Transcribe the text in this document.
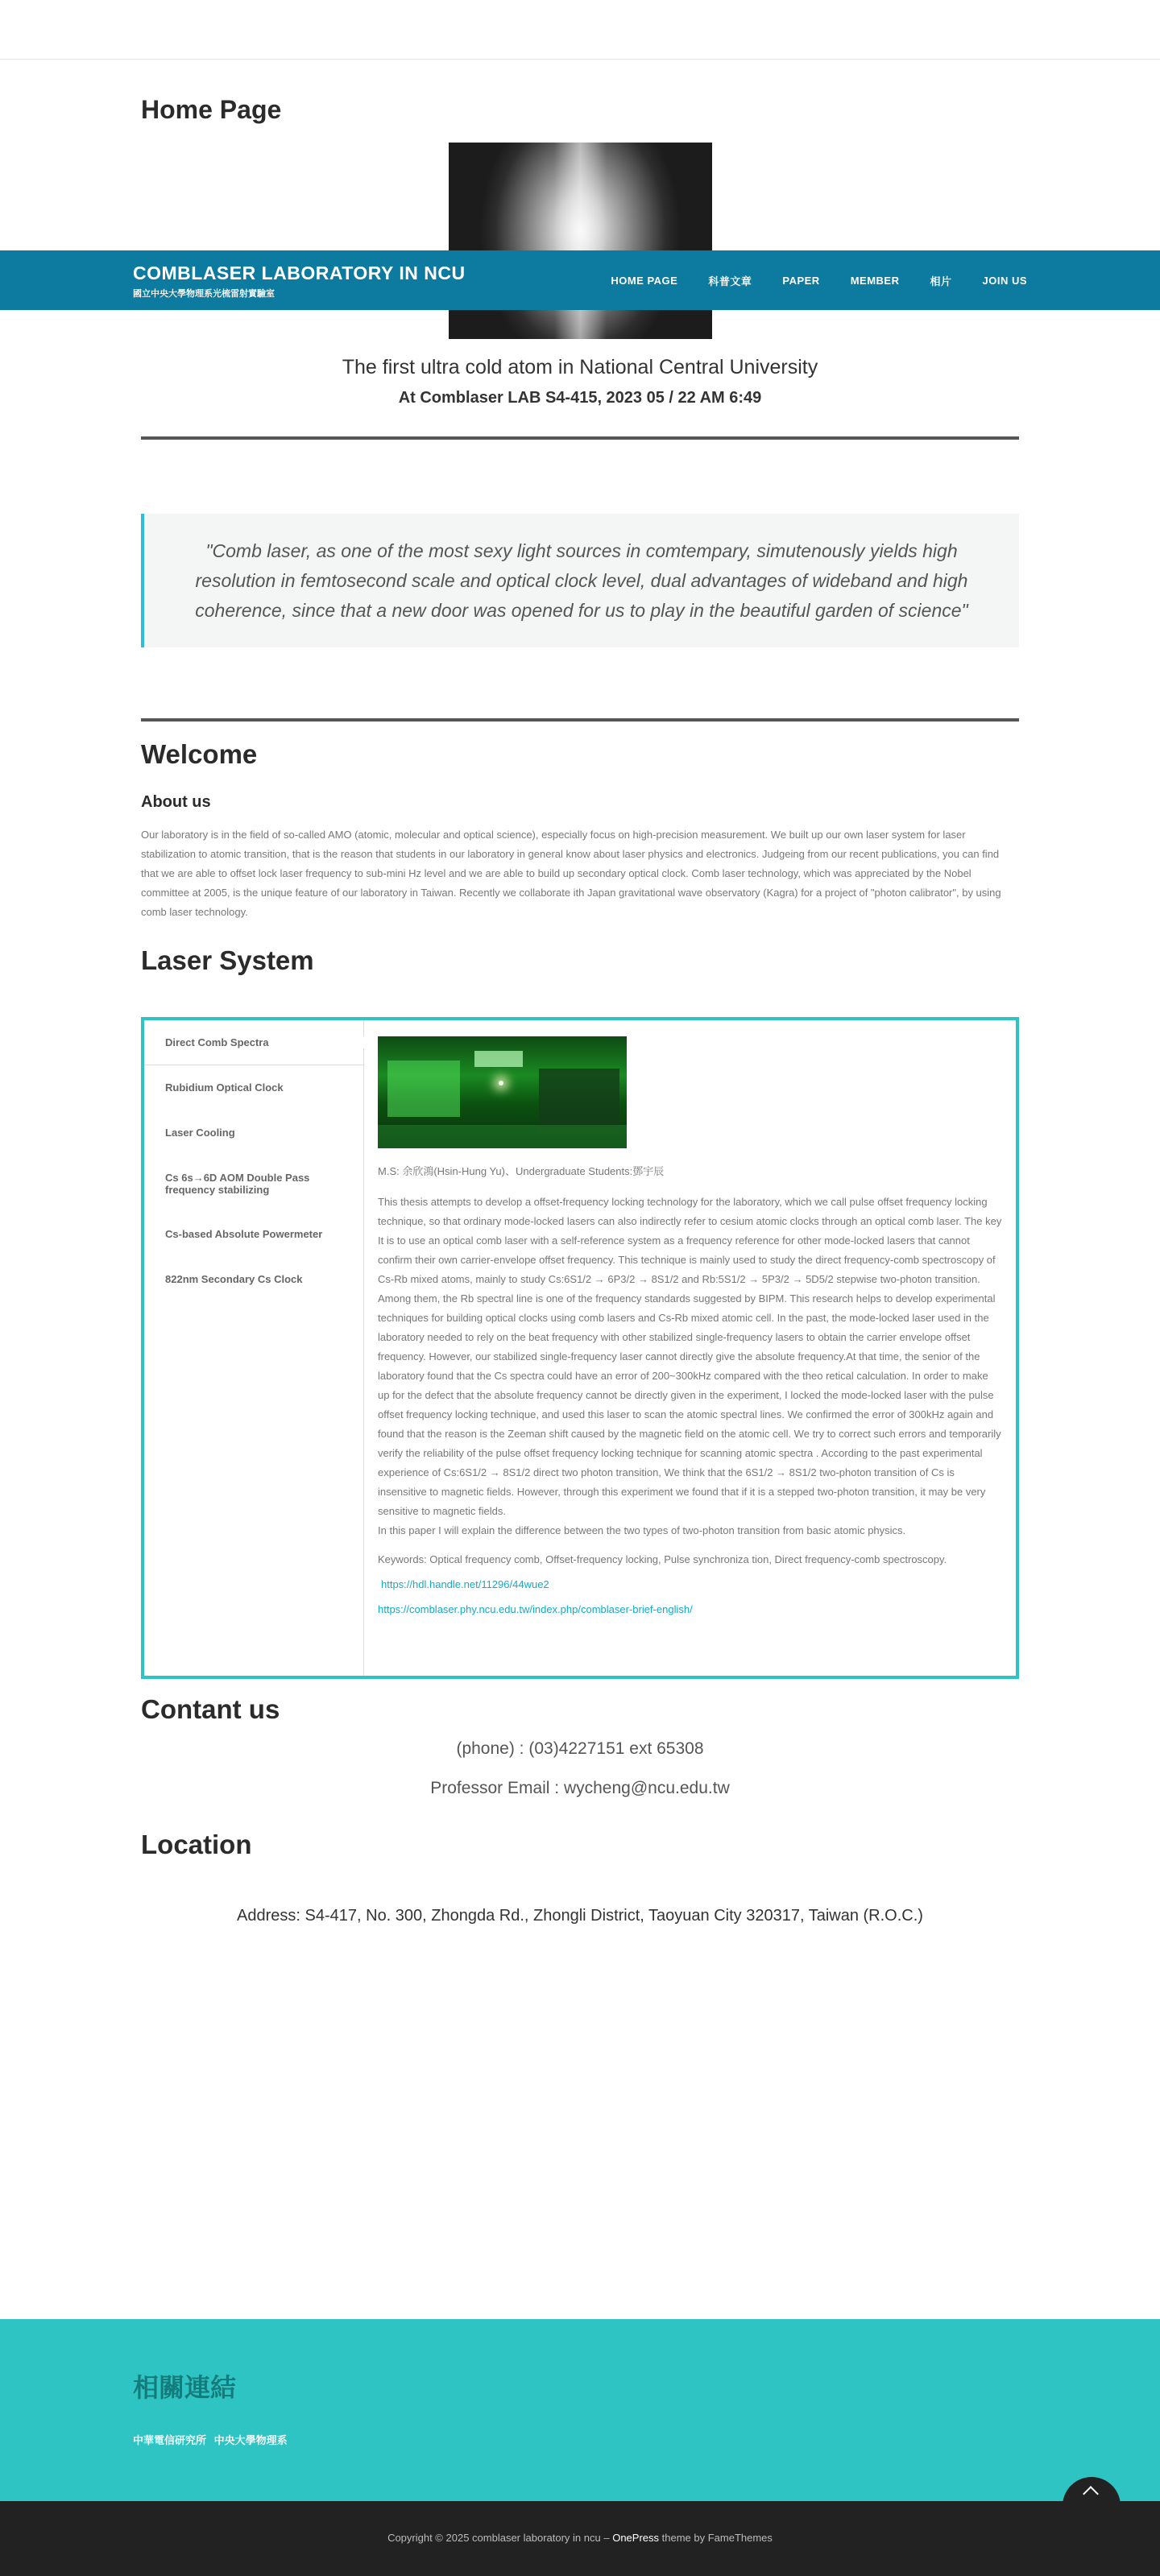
Home Page
COMBLASER LABORATORY IN NCU
國立中央大學物理系光梳雷射實驗室
HOME PAGE	科普文章	PAPER	MEMBER	相片	JOIN US

The first ultra cold atom in National Central University

At Comblaser LAB S4-415, 2023 05 / 22 AM 6:49

"Comb laser, as one of the most sexy light sources in comtempary, simutenously yields high resolution in femtosecond scale and optical clock level, dual advantages of wideband and high coherence, since that a new door was opened for us to play in the beautiful garden of science"
Welcome
About us

Our laboratory is in the field of so-called AMO (atomic, molecular and optical science), especially focus on high-precision measurement. We built up our own laser system for laser stabilization to atomic transition, that is the reason that students in our laboratory in general know about laser physics and electronics. Judgeing from our recent publications, you can find that we are able to offset lock laser frequency to sub-mini Hz level and we are able to build up secondary optical clock. Comb laser technology, which was appreciated by the Nobel committee at 2005, is the unique feature of our laboratory in Taiwan. Recently we collaborate ith Japan gravitational wave observatory (Kagra) for a project of "photon calibrator", by using comb laser technology.

Laser System
Direct Comb Spectra
Rubidium Optical Clock
Laser Cooling
Cs 6s→6D AOM Double Pass frequency stabilizing
Cs-based Absolute Powermeter
822nm Secondary Cs Clock

M.S: 余欣鴻(Hsin-Hung Yu)、Undergraduate Students:鄧宇辰

This thesis attempts to develop a offset-frequency locking technology for the laboratory, which we call pulse offset frequency locking technique, so that ordinary mode-locked lasers can also indirectly refer to cesium atomic clocks through an optical comb laser. The key It is to use an optical comb laser with a self-reference system as a frequency reference for other mode-locked lasers that cannot confirm their own carrier-envelope offset frequency. This technique is mainly used to study the direct frequency-comb spectroscopy of Cs-Rb mixed atoms, mainly to study Cs:6S1/2 → 6P3/2 → 8S1/2 and Rb:5S1/2 → 5P3/2 → 5D5/2 stepwise two-photon transition. Among them, the Rb spectral line is one of the frequency standards suggested by BIPM. This research helps to develop experimental techniques for building optical clocks using comb lasers and Cs-Rb mixed atomic cell. In the past, the mode-locked laser used in the laboratory needed to rely on the beat frequency with other stabilized single-frequency lasers to obtain the carrier envelope offset frequency. However, our stabilized single-frequency laser cannot directly give the absolute frequency.At that time, the senior of the laboratory found that the Cs spectra could have an error of 200~300kHz compared with the theo retical calculation. In order to make up for the defect that the absolute frequency cannot be directly given in the experiment, I locked the mode-locked laser with the pulse offset frequency locking technique, and used this laser to scan the atomic spectral lines. We confirmed the error of 300kHz again and found that the reason is the Zeeman shift caused by the magnetic field on the atomic cell. We try to correct such errors and temporarily verify the reliability of the pulse offset frequency locking technique for scanning atomic spectra . According to the past experimental experience of Cs:6S1/2 → 8S1/2 direct two photon transition, We think that the 6S1/2 → 8S1/2 two-photon transition of Cs is insensitive to magnetic fields. However, through this experiment we found that if it is a stepped two-photon transition, it may be very sensitive to magnetic fields.

In this paper I will explain the difference between the two types of two-photon transition from basic atomic physics.

Keywords: Optical frequency comb, Offset-frequency locking, Pulse synchroniza tion, Direct frequency-comb spectroscopy.

https://hdl.handle.net/11296/44wue2
https://comblaser.phy.ncu.edu.tw/index.php/comblaser-brief-english/
Contant us

(phone) : (03)4227151 ext 65308

Professor Email : wycheng@ncu.edu.tw

Location

Address: S4-417, No. 300, Zhongda Rd., Zhongli District, Taoyuan City 320317, Taiwan (R.O.C.)

相關連結
中華電信研究所 中央大學物理系

Copyright © 2025 comblaser laboratory in ncu – OnePress theme by FameThemes
